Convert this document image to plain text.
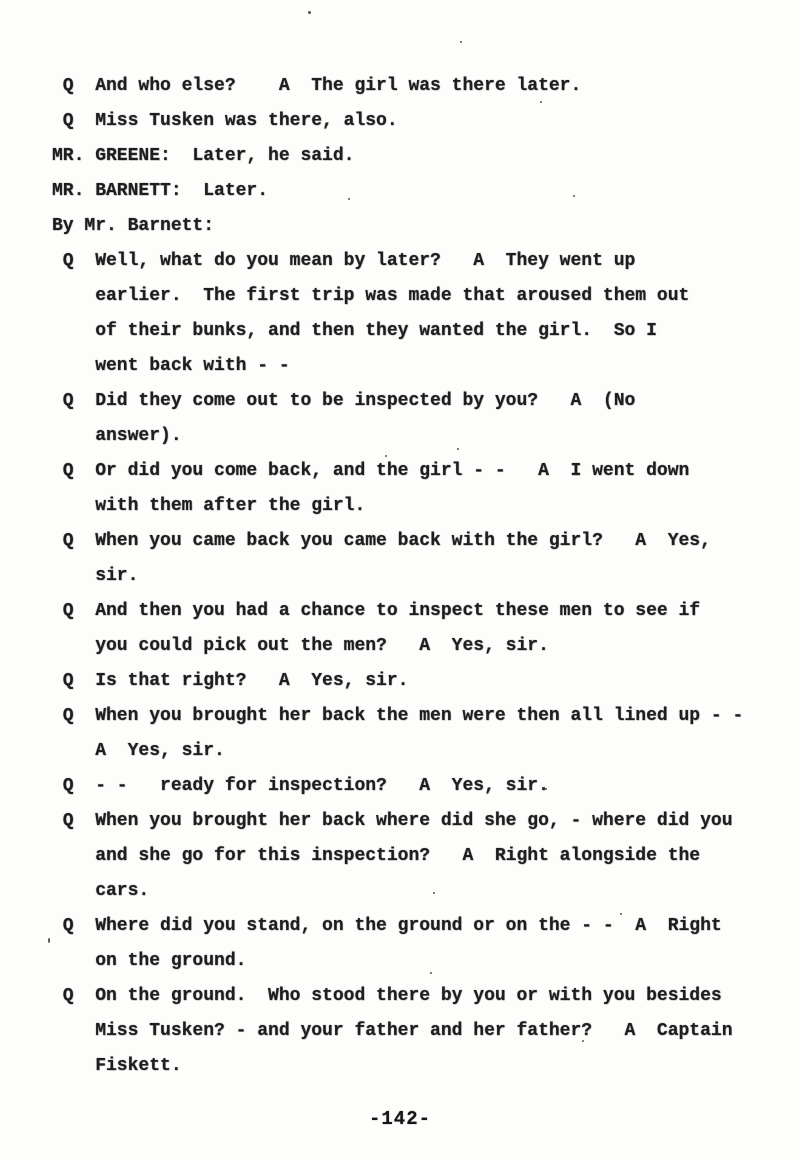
Q  And who else?    A  The girl was there later.
Q  Miss Tusken was there, also.
MR. GREENE:  Later, he said.
MR. BARNETT:  Later.
By Mr. Barnett:
Q  Well, what do you mean by later?   A  They went up
earlier.  The first trip was made that aroused them out
of their bunks, and then they wanted the girl.  So I
went back with - -
Q  Did they come out to be inspected by you?   A  (No
answer).
Q  Or did you come back, and the girl - -   A  I went down
with them after the girl.
Q  When you came back you came back with the girl?   A  Yes,
sir.
Q  And then you had a chance to inspect these men to see if
you could pick out the men?   A  Yes, sir.
Q  Is that right?   A  Yes, sir.
Q  When you brought her back the men were then all lined up - -
A  Yes, sir.
Q  - -   ready for inspection?   A  Yes, sir.
Q  When you brought her back where did she go, - where did you
and she go for this inspection?   A  Right alongside the
cars.
Q  Where did you stand, on the ground or on the - -  A  Right
on the ground.
Q  On the ground.  Who stood there by you or with you besides
Miss Tusken? - and your father and her father?   A  Captain
Fiskett.
-142-
